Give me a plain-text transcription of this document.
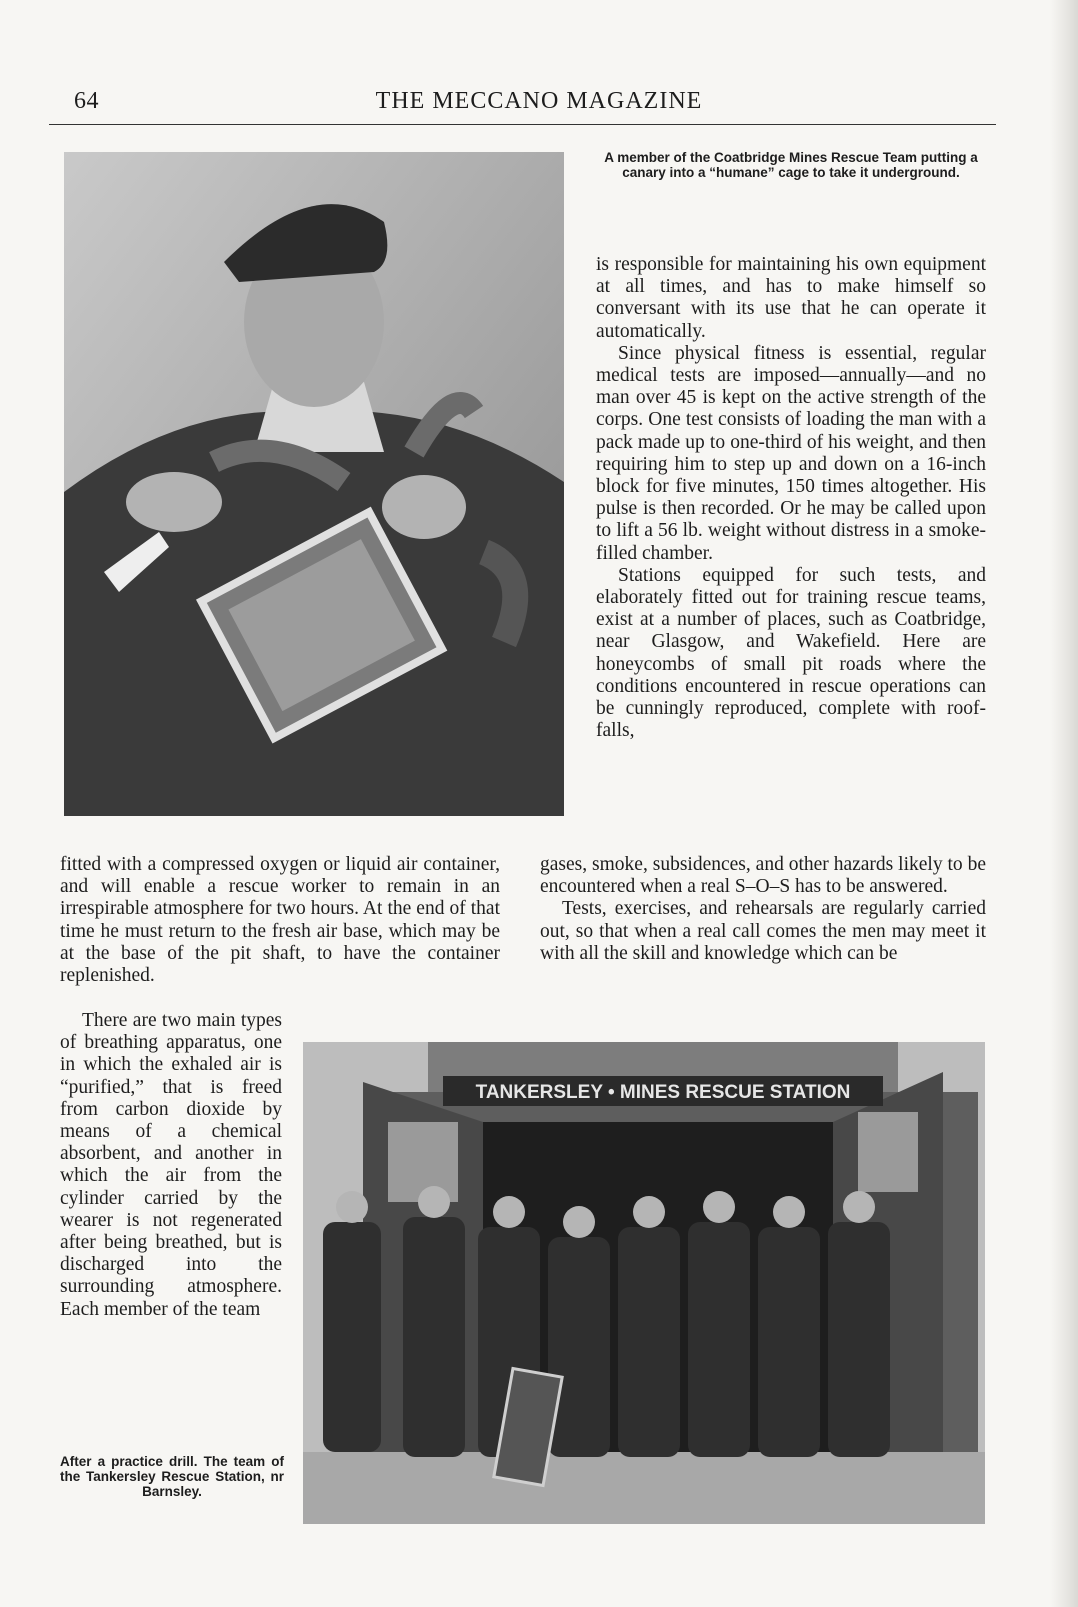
64	THE MECCANO MAGAZINE
A member of the Coatbridge Mines Rescue Team putting a canary into a “humane” cage to take it underground.

is responsible for maintaining his own equipment at all times, and has to make himself so conversant with its use that he can operate it automatically.

Since physical fitness is essential, regular medical tests are imposed—annually—and no man over 45 is kept on the active strength of the corps. One test consists of loading the man with a pack made up to one-third of his weight, and then requiring him to step up and down on a 16-inch block for five minutes, 150 times altogether. His pulse is then recorded. Or he may be called upon to lift a 56 lb. weight without distress in a smoke-filled chamber.

Stations equipped for such tests, and elaborately fitted out for training rescue teams, exist at a number of places, such as Coatbridge, near Glasgow, and Wakefield. Here are honeycombs of small pit roads where the conditions encountered in rescue operations can be cunningly reproduced, complete with roof-falls,

fitted with a compressed oxygen or liquid air container, and will enable a rescue worker to remain in an irrespirable atmosphere for two hours. At the end of that time he must return to the fresh air base, which may be at the base of the pit shaft, to have the container replenished.

gases, smoke, subsidences, and other hazards likely to be encountered when a real S–O–S has to be answered.

Tests, exercises, and rehearsals are regularly carried out, so that when a real call comes the men may meet it with all the skill and knowledge which can be

There are two main types of breathing apparatus, one in which the exhaled air is “purified,” that is freed from carbon dioxide by means of a chemical absorbent, and another in which the air from the cylinder carried by the wearer is not regenerated after being breathed, but is discharged into the surrounding atmosphere. Each member of the team

TANKERSLEY • MINES RESCUE STATION
After a practice drill. The team of the Tankersley Rescue Station, nr Barnsley.
